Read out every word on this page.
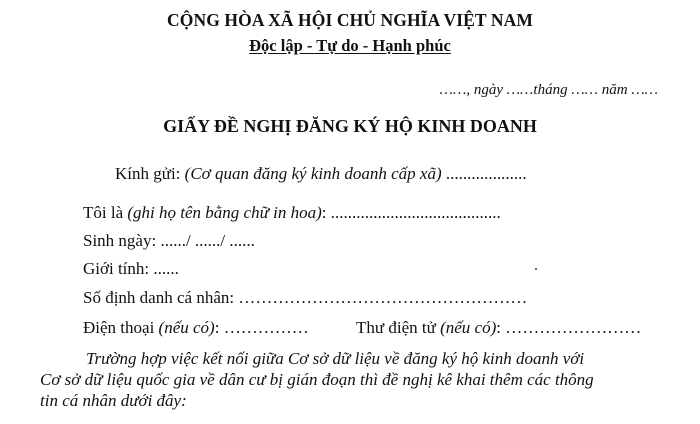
CỘNG HÒA XÃ HỘI CHỦ NGHĨA VIỆT NAM
Độc lập - Tự do - Hạnh phúc
……, ngày ……tháng …… năm ……
GIẤY ĐỀ NGHỊ ĐĂNG KÝ HỘ KINH DOANH
Kính gửi: (Cơ quan đăng ký kinh doanh cấp xã) ...................
Tôi là (ghi họ tên bằng chữ in hoa): ........................................
Sinh ngày: ....../ ....../ ......
Giới tính: ......
Số định danh cá nhân: ……………………………………………
Điện thoại (nếu có): ……………	Thư điện tử (nếu có): ……………………
Trường hợp việc kết nối giữa Cơ sở dữ liệu về đăng ký hộ kinh doanh với
Cơ sở dữ liệu quốc gia về dân cư bị gián đoạn thì đề nghị kê khai thêm các thông
tin cá nhân dưới đây:
